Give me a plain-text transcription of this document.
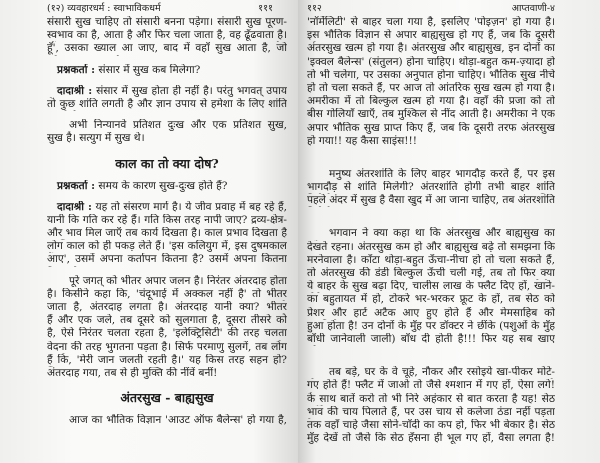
(१२) व्यवहारधर्म : स्वाभाविकधर्म	१११
संसारी सुख चाहिए तो संसारी बनना पड़ेगा। संसारी सुख पूरण-
स्वभाव का है, आता है और फिर चला जाता है, वह ढूँढवाता है।
हूँ', उसका ख्याल आ जाए, बाद में वहाँ सुख आता है, जो
प्रश्नकर्ता : संसार में सुख कब मिलेगा?
दादाश्री : संसार में सुख होता ही नहीं है। परंतु भगवत् उपाय
तो कुछ शांति लगती है और ज्ञान उपाय से हमेशा के लिए शांति
अभी निन्यानवे प्रतिशत दुःख और एक प्रतिशत सुख,
सुख है। सत्युग में सुख थे।
काल का तो क्या दोष?
प्रश्नकर्ता : समय के कारण सुख-दुःख होते हैं?
दादाश्री : यह तो संसरण मार्ग है। ये जीव प्रवाह में बह रहे हैं,
यानी कि गति कर रहे हैं। गति किस तरह नापी जाए? द्रव्य-क्षेत्र-
और भाव मिल जाएँ तब कार्य दिखता है। काल प्रभाव दिखता है
लोग काल को ही पकड़ लेते हैं। 'इस कलियुग में, इस दुषमकाल
आए', उसमें अपना कर्तापन कितना है? उसमें अपना कितना
पूरे जगत् को भीतर अपार जलन है। निरंतर अंतरदाह होता
है। किसीने कहा कि, 'चंदूभाई में अक्कल नहीं है' तो भीतर
जाता है, अंतरदाह लगता है। अंतरदाह यानी क्या? भीतर
हैं और एक जले, तब दूसरे को सुलगाता है, दूसरा तीसरे को
है, ऐसे निरंतर चलता रहता है, 'इलेक्ट्रिसिटी' की तरह चलता
वेदना की तरह भुगतना पड़ता है। सिर्फ परमाणु सुलगें, तब लोग
हैं कि, 'मेरी जान जलती रहती है।' यह किस तरह सहन हो?
अंतरदाह गया, तब से ही मुक्ति की नींवें बनीं!
अंतरसुख - बाह्यसुख
आज का भौतिक विज्ञान 'आउट ऑफ बैलेन्स' हो गया है,
११२	आप्तवाणी-४
'नॉर्मेलिटी' से बाहर चला गया है, इसलिए 'पोइज़न' हो गया है।
इस भौतिक विज्ञान से अपार बाह्यसुख हो गए हैं, जब कि दूसरी
अंतरसुख खत्म हो गया है। अंतरसुख और बाह्यसुख, इन दोनों का
'इक्वल बैलेन्स' (संतुलन) होना चाहिए। थोड़ा-बहुत कम-ज़्यादा हो
तो भी चलेगा, पर उसका अनुपात होना चाहिए। भौतिक सुख नीचे
हो तो चला सकते हैं, पर आज तो आंतरिक सुख खत्म हो गया है।
अमरीका में तो बिल्कुल खत्म हो गया है। वहाँ की प्रजा को तो
बीस गोलियाँ खाएँ, तब मुश्किल से नींद आती है। अमरीका ने एक
अपार भौतिक सुख प्राप्त किए हैं, जब कि दूसरी तरफ अंतरसुख
हो गया!! यह कैसा साइंस!!!
मनुष्य अंतरशांति के लिए बाहर भागदौड़ करते हैं, पर इस
भागदौड़ से शांति मिलेगी? अंतरशांति होगी तभी बाहर शांति
पहले अंदर में सुख है वैसा खुद में आ जाना चाहिए, तब अंतरशांति
भगवान ने क्या कहा था कि अंतरसुख और बाह्यसुख का
देखते रहना। अंतरसुख कम हो और बाह्यसुख बढ़े तो समझना कि
मरनेवाला है। काँटा थोड़ा-बहुत ऊँचा-नीचा हो तो चला सकते हैं,
तो अंतरसुख की डंडी बिल्कुल ऊँची चली गई, तब तो फिर क्या
ये बाहर के सुख बढ़ा दिए, चालीस लाख के फ्लैट दिए हों, खाने-
का बहुतायत में हो, टोकरे भर-भरकर फ्रूट के हों, तब सेठ को
प्रेशर और हार्ट अटैक आए हुए होते हैं और मेमसाहिब को
हुआ होता है! उन दोनों के मुँह पर डॉक्टर ने छींके (पशुओं के मुँह
बाँधी जानेवाली जाली) बाँध दी होती है!!! फिर यह सब खाए
तब बड़े, घर के वे चूहे, नौकर और रसोइये खा-पीकर मोटे-
गए होते हैं! फ्लैट में जाओ तो जैसे श्मशान में गए हों, ऐसा लगे!
के साथ बातें करो तो भी निरे अहंकार से बात करता है यह! सेठ
भाव की चाय पिलाते हैं, पर उस चाय से कलेजा ठंडा नहीं पड़ता
तक वहाँ चाहे जैसा सोने-चाँदी का कप हो, फिर भी बेकार है। सेठ
मुँह देखें तो जैसे कि सेठ हँसना ही भूल गए हों, वैसा लगता है!
